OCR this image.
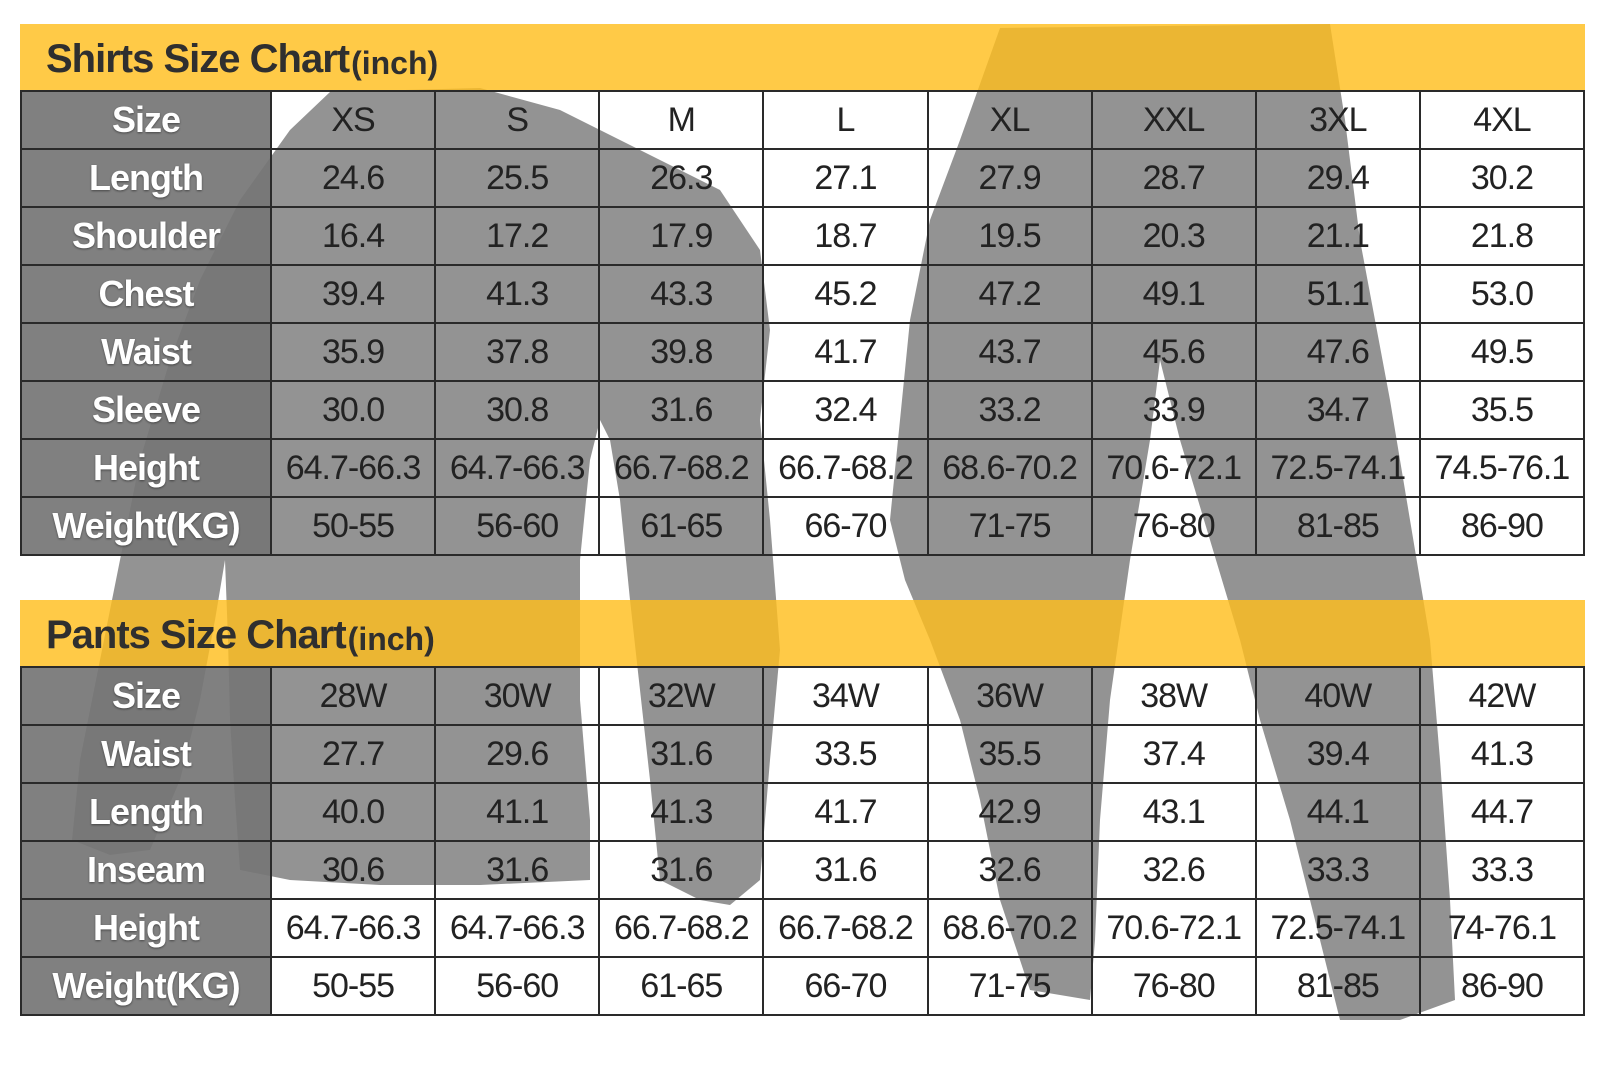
Shirts Size Chart (inch)
Size	XS	S	M	L	XL	XXL	3XL	4XL
Length	24.6	25.5	26.3	27.1	27.9	28.7	29.4	30.2
Shoulder	16.4	17.2	17.9	18.7	19.5	20.3	21.1	21.8
Chest	39.4	41.3	43.3	45.2	47.2	49.1	51.1	53.0
Waist	35.9	37.8	39.8	41.7	43.7	45.6	47.6	49.5
Sleeve	30.0	30.8	31.6	32.4	33.2	33.9	34.7	35.5
Height	64.7-66.3	64.7-66.3	66.7-68.2	66.7-68.2	68.6-70.2	70.6-72.1	72.5-74.1	74.5-76.1
Weight(KG)	50-55	56-60	61-65	66-70	71-75	76-80	81-85	86-90
Pants Size Chart (inch)
Size	28W	30W	32W	34W	36W	38W	40W	42W
Waist	27.7	29.6	31.6	33.5	35.5	37.4	39.4	41.3
Length	40.0	41.1	41.3	41.7	42.9	43.1	44.1	44.7
Inseam	30.6	31.6	31.6	31.6	32.6	32.6	33.3	33.3
Height	64.7-66.3	64.7-66.3	66.7-68.2	66.7-68.2	68.6-70.2	70.6-72.1	72.5-74.1	74-76.1
Weight(KG)	50-55	56-60	61-65	66-70	71-75	76-80	81-85	86-90
